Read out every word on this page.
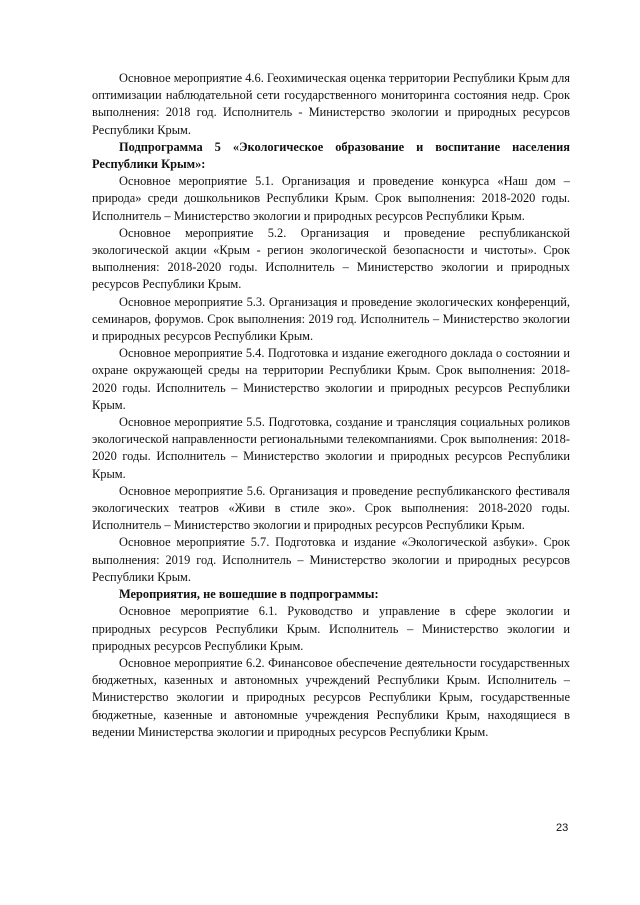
Основное мероприятие 4.6. Геохимическая оценка территории Республики Крым для оптимизации наблюдательной сети государственного мониторинга состояния недр. Срок выполнения: 2018 год. Исполнитель - Министерство экологии и природных ресурсов Республики Крым.

Подпрограмма 5 «Экологическое образование и воспитание населения Республики Крым»:

Основное мероприятие 5.1. Организация и проведение конкурса «Наш дом – природа» среди дошкольников Республики Крым. Срок выполнения: 2018-2020 годы. Исполнитель – Министерство экологии и природных ресурсов Республики Крым.

Основное мероприятие 5.2. Организация и проведение республиканской экологической акции «Крым - регион экологической безопасности и чистоты». Срок выполнения: 2018-2020 годы. Исполнитель – Министерство экологии и природных ресурсов Республики Крым.

Основное мероприятие 5.3. Организация и проведение экологических конференций, семинаров, форумов. Срок выполнения: 2019 год. Исполнитель – Министерство экологии и природных ресурсов Республики Крым.

Основное мероприятие 5.4. Подготовка и издание ежегодного доклада о состоянии и охране окружающей среды на территории Республики Крым. Срок выполнения: 2018-2020 годы. Исполнитель – Министерство экологии и природных ресурсов Республики Крым.

Основное мероприятие 5.5. Подготовка, создание и трансляция социальных роликов экологической направленности региональными телекомпаниями. Срок выполнения: 2018-2020 годы. Исполнитель – Министерство экологии и природных ресурсов Республики Крым.

Основное мероприятие 5.6. Организация и проведение республиканского фестиваля экологических театров «Живи в стиле эко». Срок выполнения: 2018-2020 годы. Исполнитель – Министерство экологии и природных ресурсов Республики Крым.

Основное мероприятие 5.7. Подготовка и издание «Экологической азбуки». Срок выполнения: 2019 год. Исполнитель – Министерство экологии и природных ресурсов Республики Крым.

Мероприятия, не вошедшие в подпрограммы:

Основное мероприятие 6.1. Руководство и управление в сфере экологии и природных ресурсов Республики Крым. Исполнитель – Министерство экологии и природных ресурсов Республики Крым.

Основное мероприятие 6.2. Финансовое обеспечение деятельности государственных бюджетных, казенных и автономных учреждений Республики Крым. Исполнитель – Министерство экологии и природных ресурсов Республики Крым, государственные бюджетные, казенные и автономные учреждения Республики Крым, находящиеся в ведении Министерства экологии и природных ресурсов Республики Крым.

23
